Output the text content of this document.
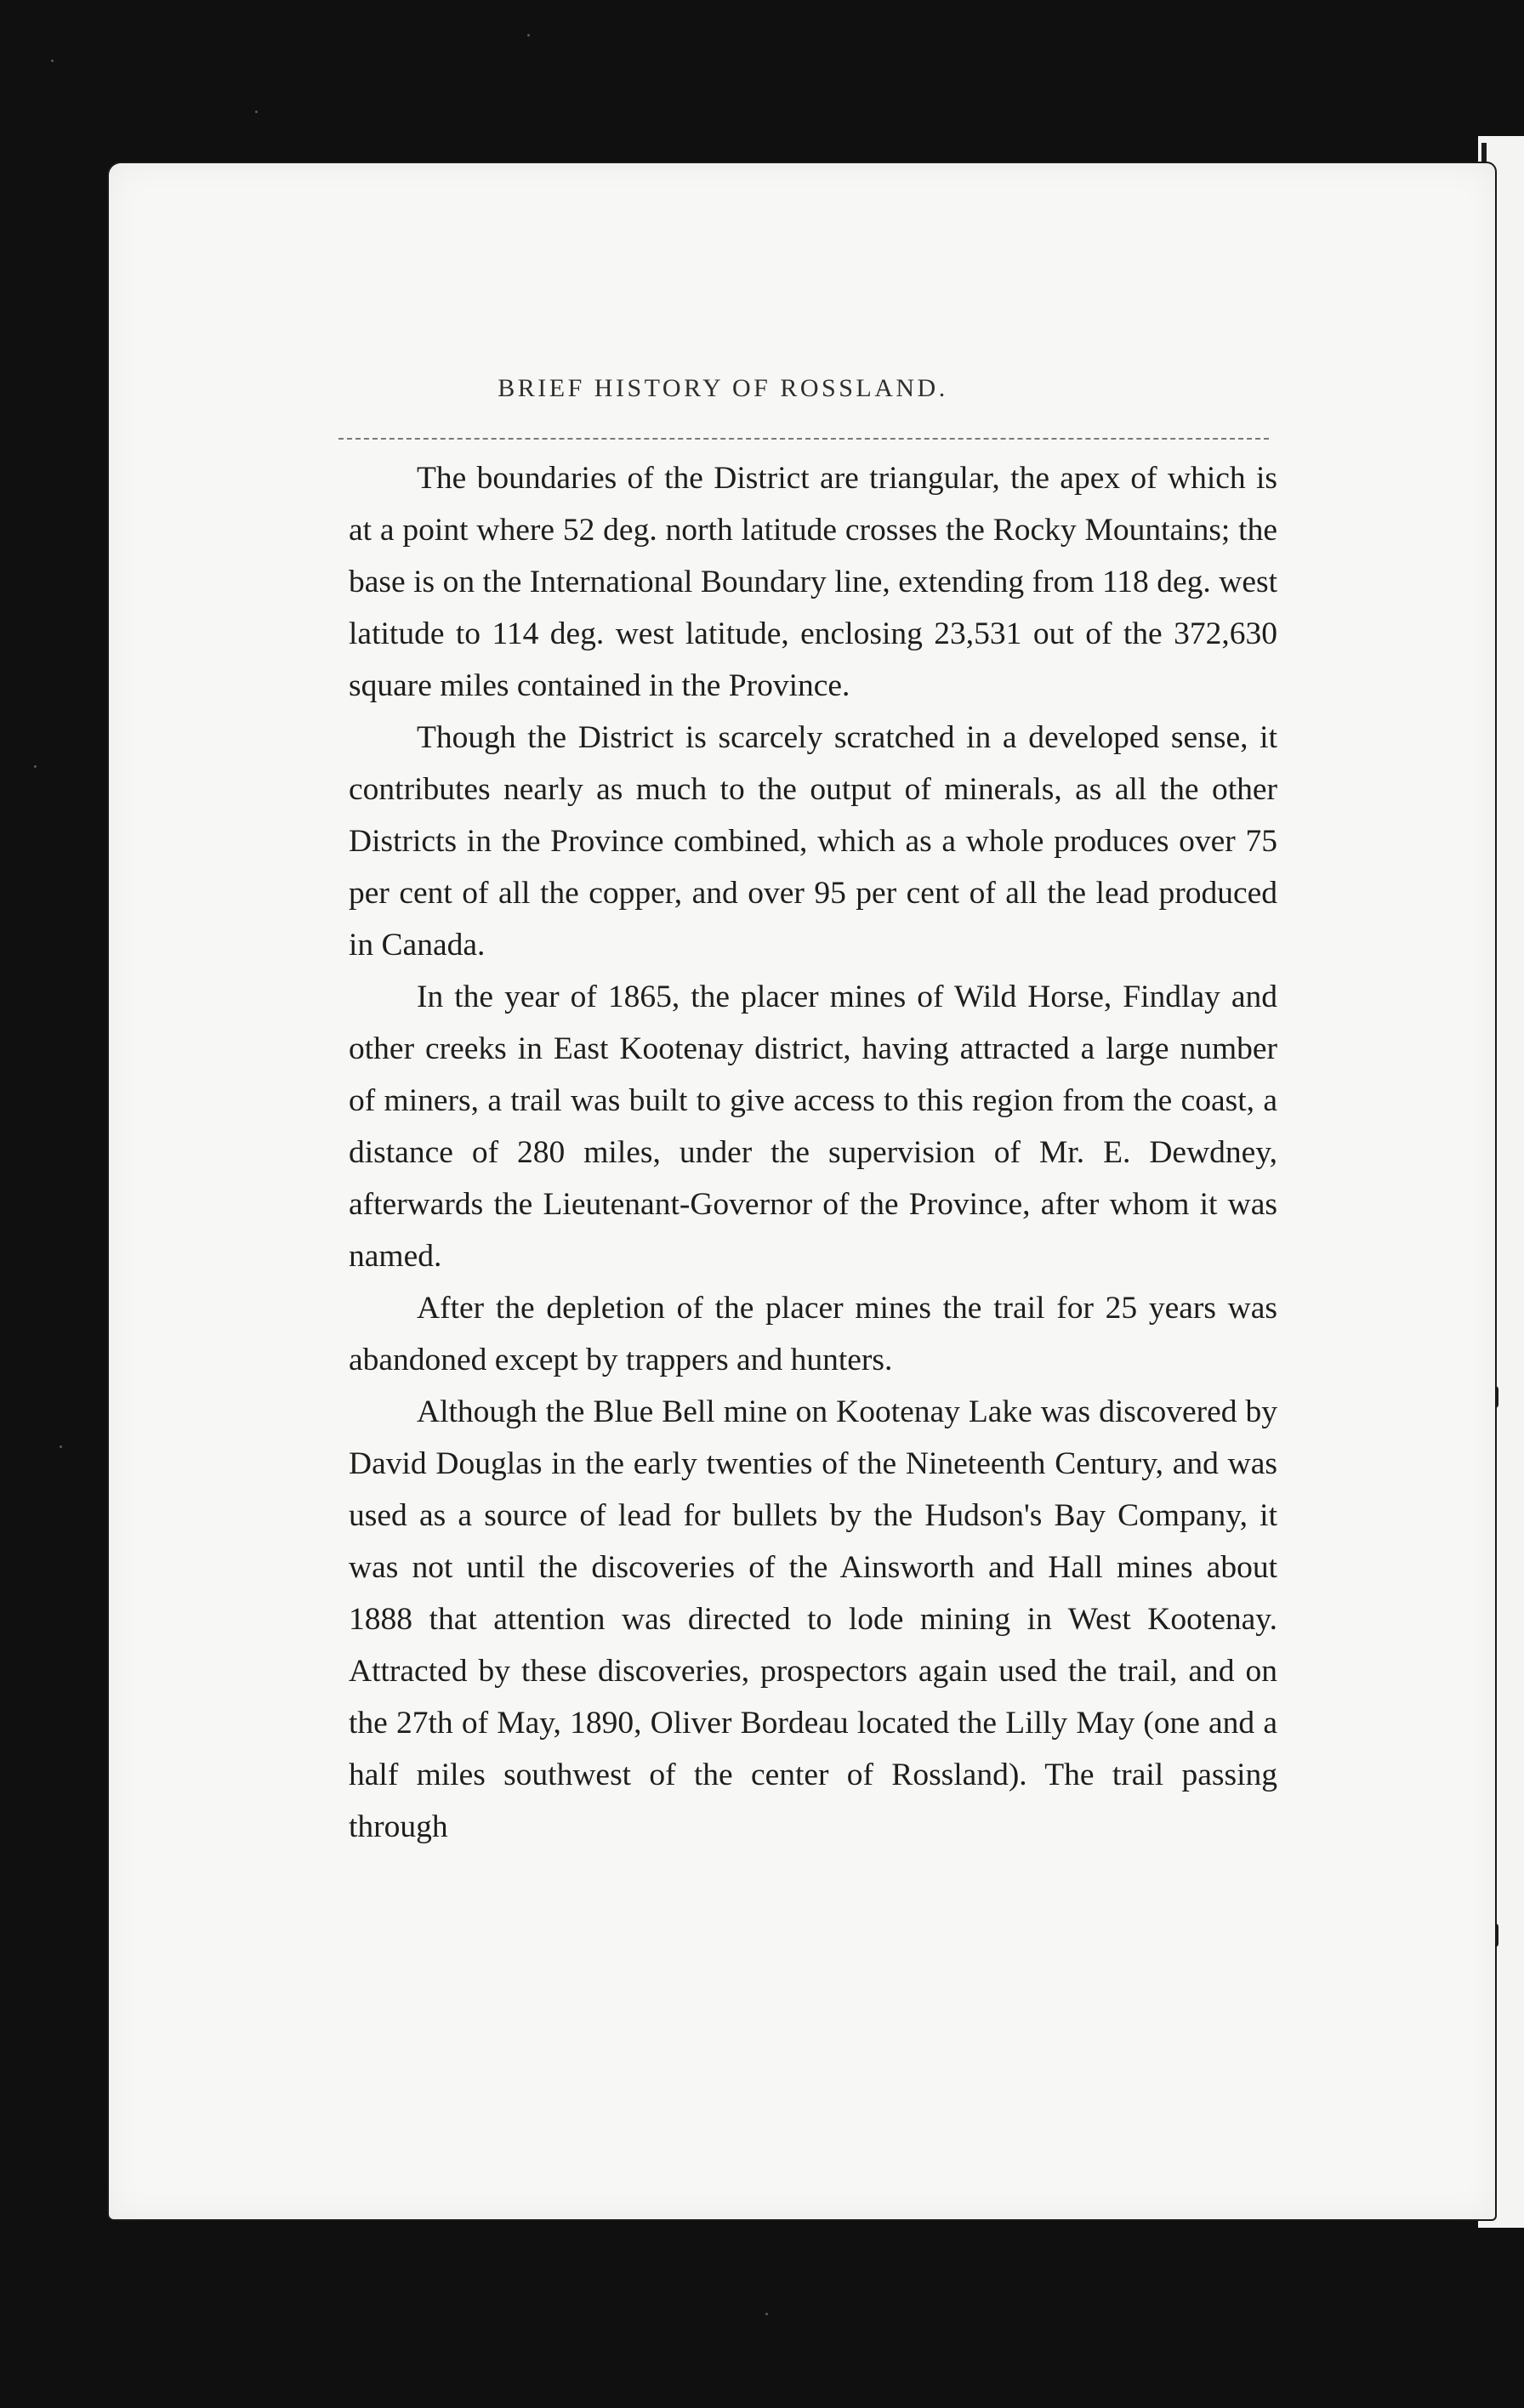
BRIEF HISTORY OF ROSSLAND.

The boundaries of the District are triangular, the apex of which is at a point where 52 deg. north latitude crosses the Rocky Mountains; the base is on the International Boundary line, extending from 118 deg. west latitude to 114 deg. west latitude, enclosing 23,531 out of the 372,630 square miles contained in the Province.

Though the District is scarcely scratched in a developed sense, it contributes nearly as much to the output of minerals, as all the other Districts in the Province combined, which as a whole produces over 75 per cent of all the copper, and over 95 per cent of all the lead produced in Canada.

In the year of 1865, the placer mines of Wild Horse, Findlay and other creeks in East Kootenay district, having attracted a large number of miners, a trail was built to give access to this region from the coast, a distance of 280 miles, under the supervision of Mr. E. Dewdney, afterwards the Lieutenant-Governor of the Province, after whom it was named.

After the depletion of the placer mines the trail for 25 years was abandoned except by trappers and hunters.

Although the Blue Bell mine on Kootenay Lake was discovered by David Douglas in the early twenties of the Nineteenth Century, and was used as a source of lead for bullets by the Hudson's Bay Company, it was not until the discoveries of the Ainsworth and Hall mines about 1888 that attention was directed to lode mining in West Kootenay. Attracted by these discoveries, prospectors again used the trail, and on the 27th of May, 1890, Oliver Bordeau located the Lilly May (one and a half miles southwest of the center of Rossland). The trail passing through
